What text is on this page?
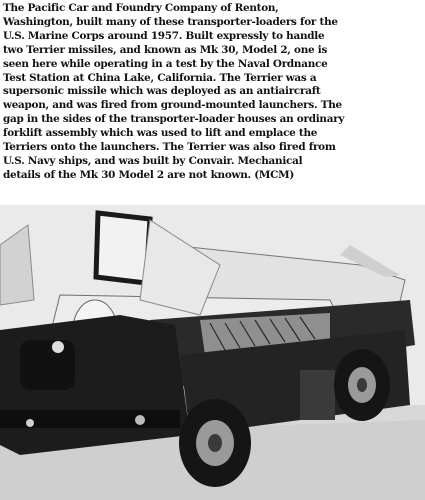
The Pacific Car and Foundry Company of Renton,
Washington, built many of these transporter-loaders for the
U.S. Marine Corps around 1957. Built expressly to handle
two Terrier missiles, and known as Mk 30, Model 2, one is
seen here while operating in a test by the Naval Ordnance
Test Station at China Lake, California. The Terrier was a
supersonic missile which was deployed as an antiaircraft
weapon, and was fired from ground-mounted launchers. The
gap in the sides of the transporter-loader houses an ordinary
forklift assembly which was used to lift and emplace the
Terriers onto the launchers. The Terrier was also fired from
U.S. Navy ships, and was built by Convair. Mechanical
details of the Mk 30 Model 2 are not known. (MCM)
